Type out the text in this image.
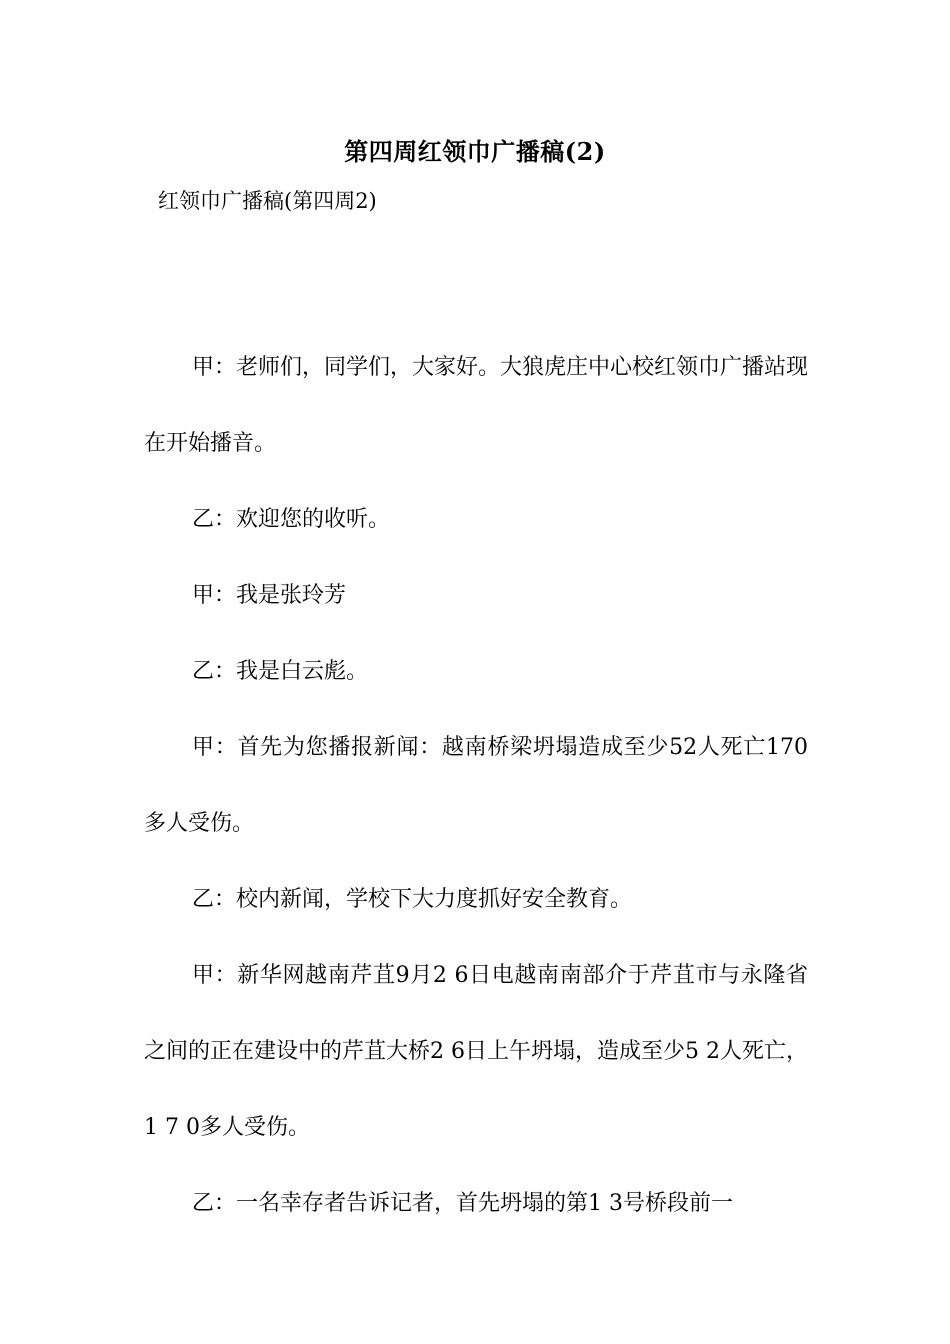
第四周红领巾广播稿(2)
红领巾广播稿(第四周2)

甲：老师们，同学们，大家好。大狼虎庄中心校红领巾广播站现在开始播音。

乙：欢迎您的收听。

甲：我是张玲芳

乙：我是白云彪。

甲：首先为您播报新闻：越南桥梁坍塌造成至少52人死亡170多人受伤。

乙：校内新闻，学校下大力度抓好安全教育。

甲：新华网越南芹苴9月2 6日电越南南部介于芹苴市与永隆省之间的正在建设中的芹苴大桥2 6日上午坍塌，造成至少5 2人死亡，1 7 0多人受伤。

乙：一名幸存者告诉记者，首先坍塌的第1 3号桥段前一
